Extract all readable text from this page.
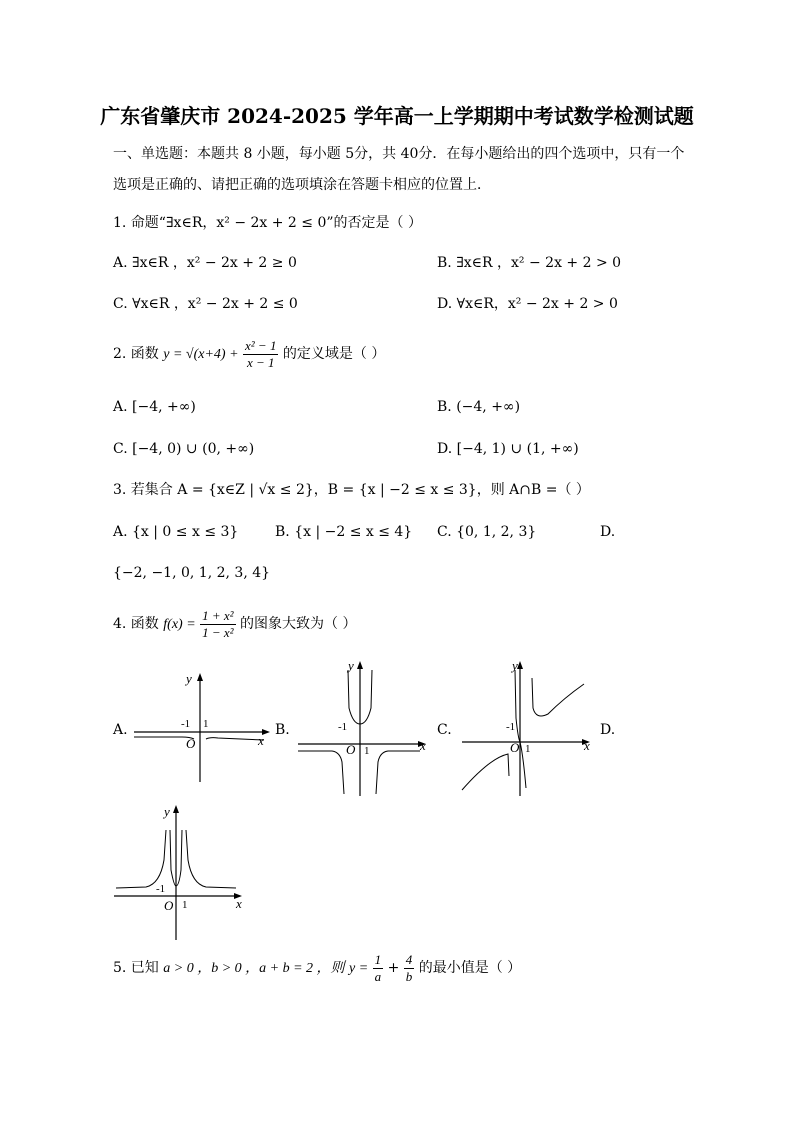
广东省肇庆市 2024-2025 学年高一上学期期中考试数学检测试题
一、单选题：本题共 8 小题，每小题 5分，共 40分．在每小题给出的四个选项中，只有一个
选项是正确的、请把正确的选项填涂在答题卡相应的位置上．
1. 命题“∃x∈R，x² − 2x + 2 ≤ 0”的否定是（ ）
A. ∃x∈R ，x² − 2x + 2 ≥ 0	B. ∃x∈R ，x² − 2x + 2 > 0
C. ∀x∈R ，x² − 2x + 2 ≤ 0	D. ∀x∈R，x² − 2x + 2 > 0
2. 函数 $y = √(x+4) + \frac{\text{x² − 1}}{x - 1}$ 的定义域是（ ）
A. [−4, +∞)	B. (−4, +∞)
C. [−4, 0) ∪ (0, +∞)	D. [−4, 1) ∪ (1, +∞)
3. 若集合 A = {x∈Z | √x ≤ 2}，B = {x | −2 ≤ x ≤ 3}，则 A∩B =（ ）
A. {x | 0 ≤ x ≤ 3}	B. {x | −2 ≤ x ≤ 4} C. {0, 1, 2, 3}	D.
{−2, −1, 0, 1, 2, 3, 4}
4. 函数 $f(x) = \frac{\text{1 + x²}}{\text{1 − x²}}$ 的图象大致为（ ）
A.	B.	C.	D.
x
y
O
-1 1
x
y
O
-1
1	x
y
O
-1
1
x
y
O
-1
1
5. 已知 a > 0 ，b > 0 ，a + b = 2 ，则 $y = \frac{1}{a} + \frac{4}{b}$ 的最小值是（ ）
